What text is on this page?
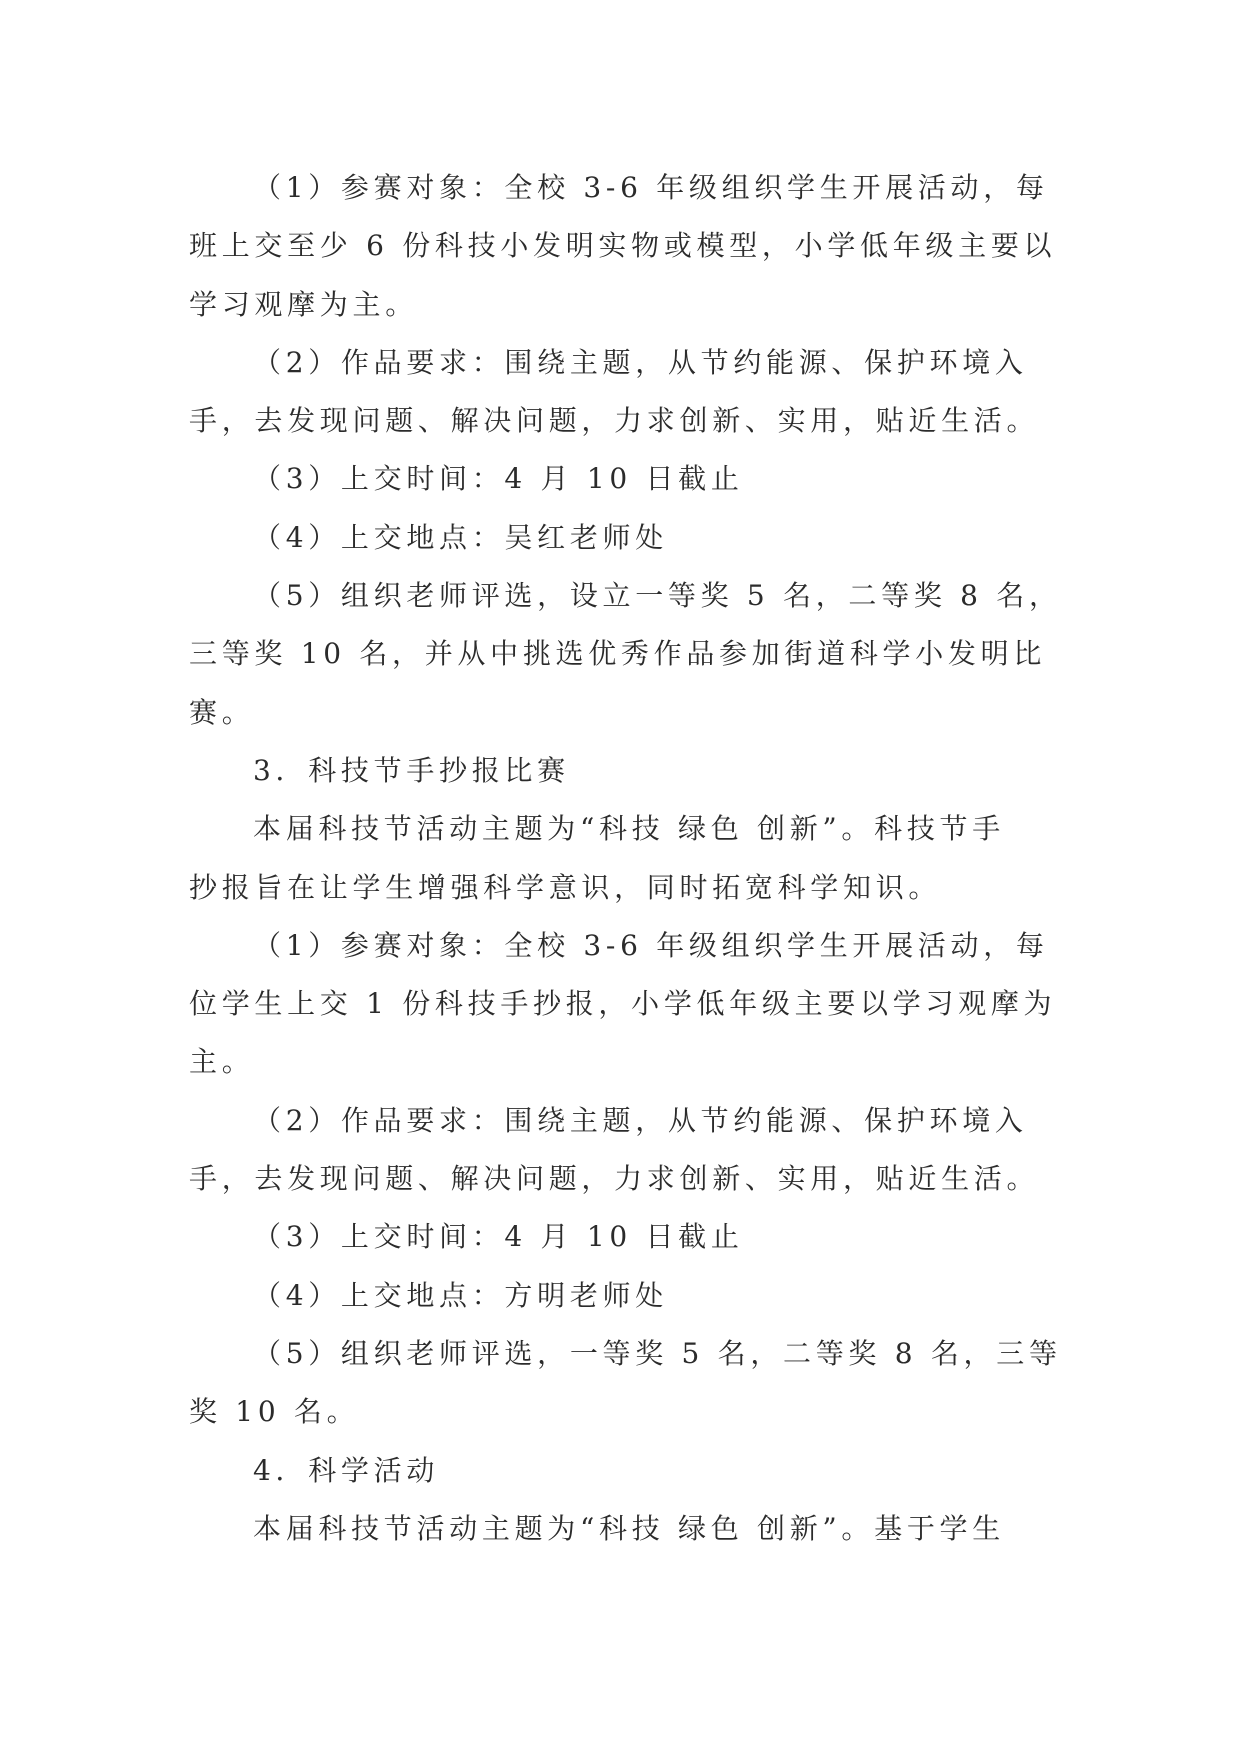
（1）参赛对象：全校 3-6 年级组织学生开展活动，每
班上交至少 6 份科技小发明实物或模型，小学低年级主要以
学习观摩为主。
（2）作品要求：围绕主题，从节约能源、保护环境入
手，去发现问题、解决问题，力求创新、实用，贴近生活。
（3）上交时间：4 月 10 日截止
（4）上交地点：吴红老师处
（5）组织老师评选，设立一等奖 5 名，二等奖 8 名，
三等奖 10 名，并从中挑选优秀作品参加街道科学小发明比
赛。
3．科技节手抄报比赛
本届科技节活动主题为“科技 绿色 创新”。科技节手
抄报旨在让学生增强科学意识，同时拓宽科学知识。
（1）参赛对象：全校 3-6 年级组织学生开展活动，每
位学生上交 1 份科技手抄报，小学低年级主要以学习观摩为
主。
（2）作品要求：围绕主题，从节约能源、保护环境入
手，去发现问题、解决问题，力求创新、实用，贴近生活。
（3）上交时间：4 月 10 日截止
（4）上交地点：方明老师处
（5）组织老师评选，一等奖 5 名，二等奖 8 名，三等
奖 10 名。
4．科学活动
本届科技节活动主题为“科技 绿色 创新”。基于学生
